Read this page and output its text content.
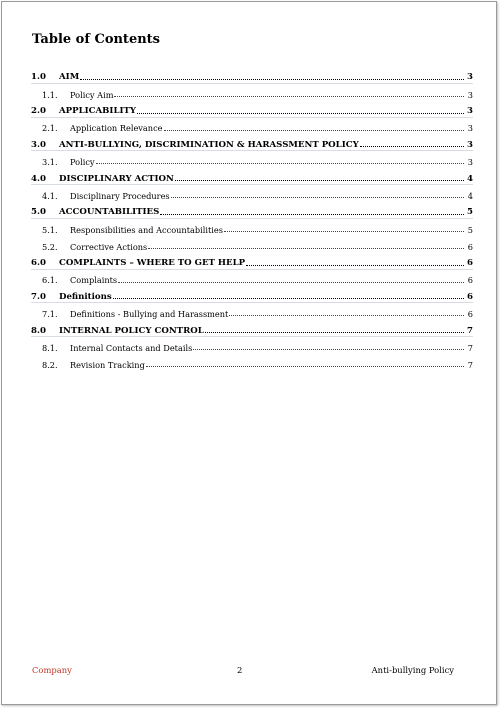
Table of Contents
1.0	AIM	3
1.1.	Policy Aim	3
2.0	APPLICABILITY	3
2.1.	Application Relevance	3
3.0	ANTI-BULLYING, DISCRIMINATION & HARASSMENT POLICY	3
3.1.	Policy	3
4.0	DISCIPLINARY ACTION	4
4.1.	Disciplinary Procedures	4
5.0	ACCOUNTABILITIES	5
5.1.	Responsibilities and Accountabilities	5
5.2.	Corrective Actions	6
6.0	COMPLAINTS – WHERE TO GET HELP	6
6.1.	Complaints	6
7.0	Definitions	6
7.1.	Definitions - Bullying and Harassment	6
8.0	INTERNAL POLICY CONTROL	7
8.1.	Internal Contacts and Details	7
8.2.	Revision Tracking	7
Company	2	Anti-bullying Policy
